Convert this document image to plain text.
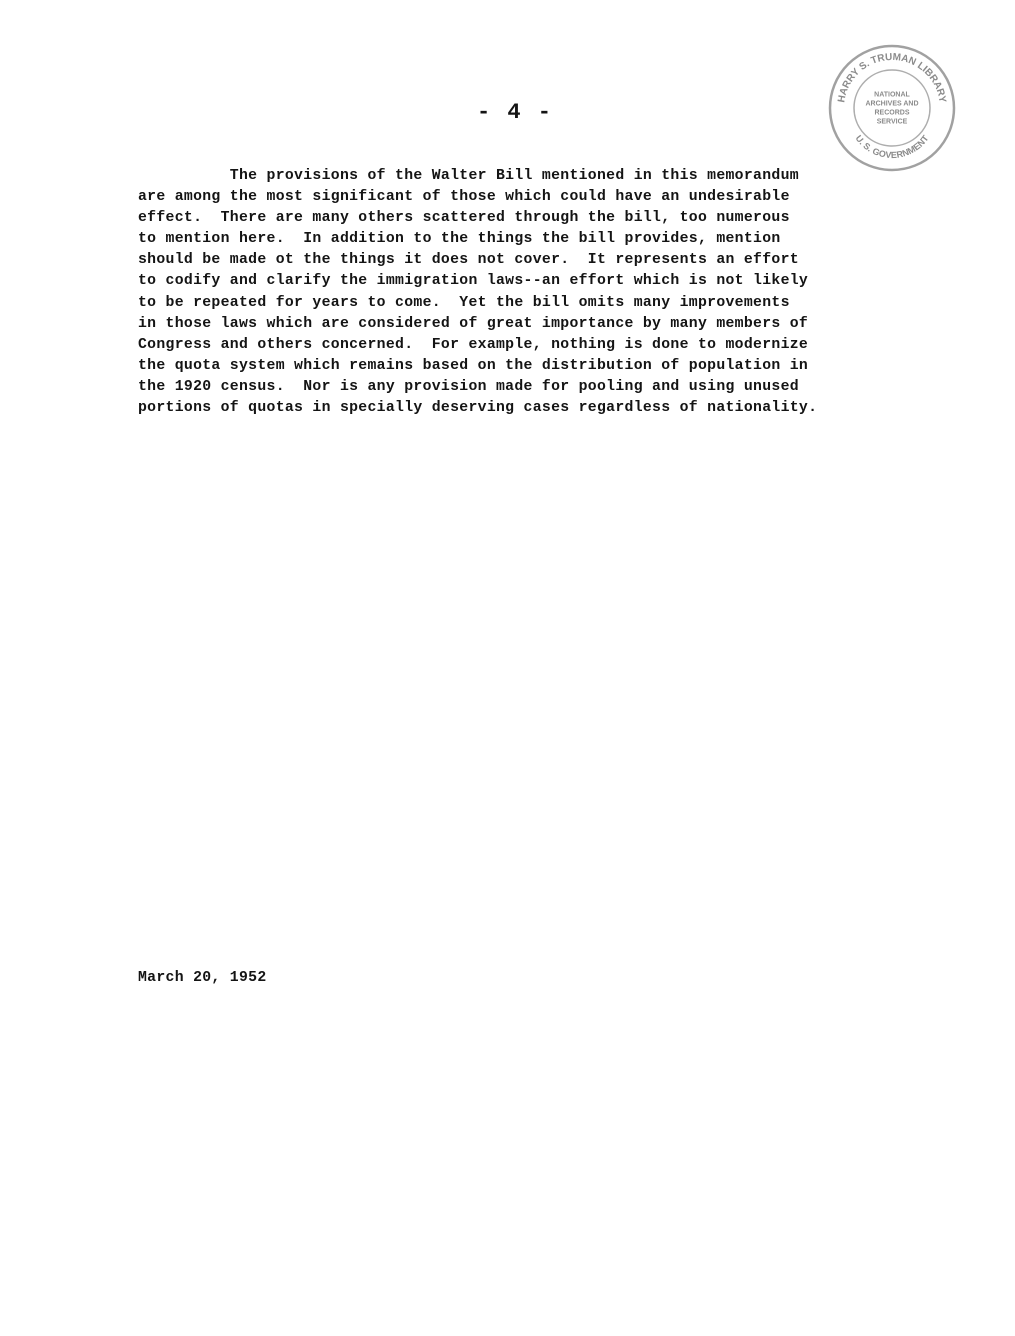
- 4 -
HARRY S. TRUMAN LIBRARY
U. S. GOVERNMENT
NATIONAL
ARCHIVES AND
RECORDS
SERVICE
The provisions of the Walter Bill mentioned in this memorandum
are among the most significant of those which could have an undesirable
effect.  There are many others scattered through the bill, too numerous
to mention here.  In addition to the things the bill provides, mention
should be made ot the things it does not cover.  It represents an effort
to codify and clarify the immigration laws--an effort which is not likely
to be repeated for years to come.  Yet the bill omits many improvements
in those laws which are considered of great importance by many members of
Congress and others concerned.  For example, nothing is done to modernize
the quota system which remains based on the distribution of population in
the 1920 census.  Nor is any provision made for pooling and using unused
portions of quotas in specially deserving cases regardless of nationality.
March 20, 1952
